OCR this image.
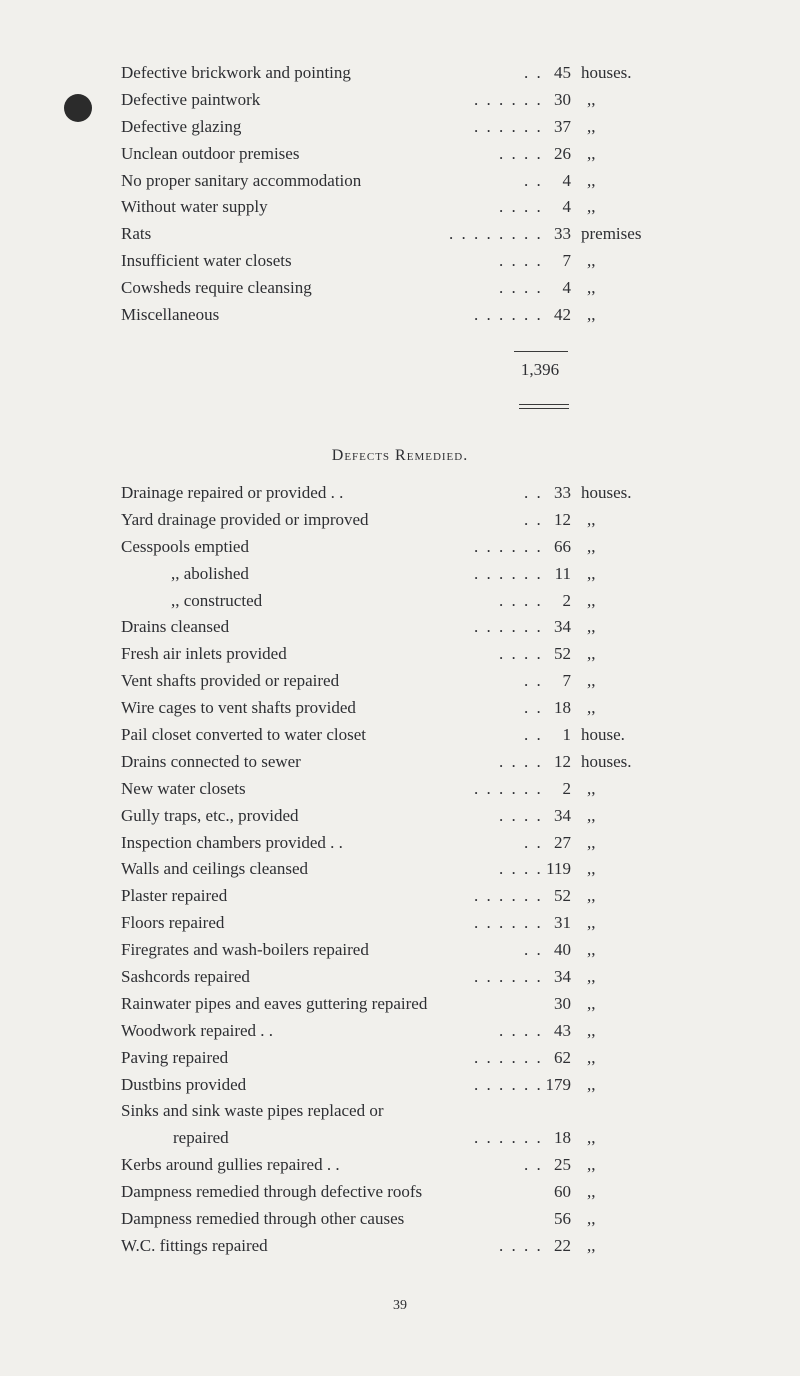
Defective brickwork and pointing	45 houses.
. .
Defective paintwork	30 ,,
. . . . . .
Defective glazing	37 ,,
. . . . . .
Unclean outdoor premises	26 ,,
. . . .
No proper sanitary accommodation	4 ,,
. .
Without water supply	4 ,,
. . . .
Rats	33 premises
. . . . . . . .
Insufficient water closets	7 ,,
. . . .
Cowsheds require cleansing	4 ,,
. . . .
Miscellaneous	42 ,,
. . . . . .
1,396
Defects Remedied.
Drainage repaired or provided . .	33 houses.
. .
Yard drainage provided or improved	12 ,,
. .
Cesspools emptied	66 ,,
. . . . . .
,, abolished	11 ,,
. . . . . .
,, constructed	2 ,,
. . . .
Drains cleansed	34 ,,
. . . . . .
Fresh air inlets provided	52 ,,
. . . .
Vent shafts provided or repaired	7 ,,
. .
Wire cages to vent shafts provided	18 ,,
. .
Pail closet converted to water closet	1 house.
. .
Drains connected to sewer	12 houses.
. . . .
New water closets	2 ,,
. . . . . .
Gully traps, etc., provided	34 ,,
. . . .
Inspection chambers provided . .	27 ,,
. .
Walls and ceilings cleansed	119 ,,
. . . .
Plaster repaired	52 ,,
. . . . . .
Floors repaired	31 ,,
. . . . . .
Firegrates and wash-boilers repaired	40 ,,
. .
Sashcords repaired	34 ,,
. . . . . .
Rainwater pipes and eaves guttering repaired	30 ,,
Woodwork repaired . .	43 ,,
. . . .
Paving repaired	62 ,,
. . . . . .
Dustbins provided	179 ,,
. . . . . .
Sinks and sink waste pipes replaced or
repaired	18 ,,
. . . . . .
Kerbs around gullies repaired . .	25 ,,
. .
Dampness remedied through defective roofs	60 ,,
Dampness remedied through other causes	56 ,,
W.C. fittings repaired	22 ,,
. . . .
39
